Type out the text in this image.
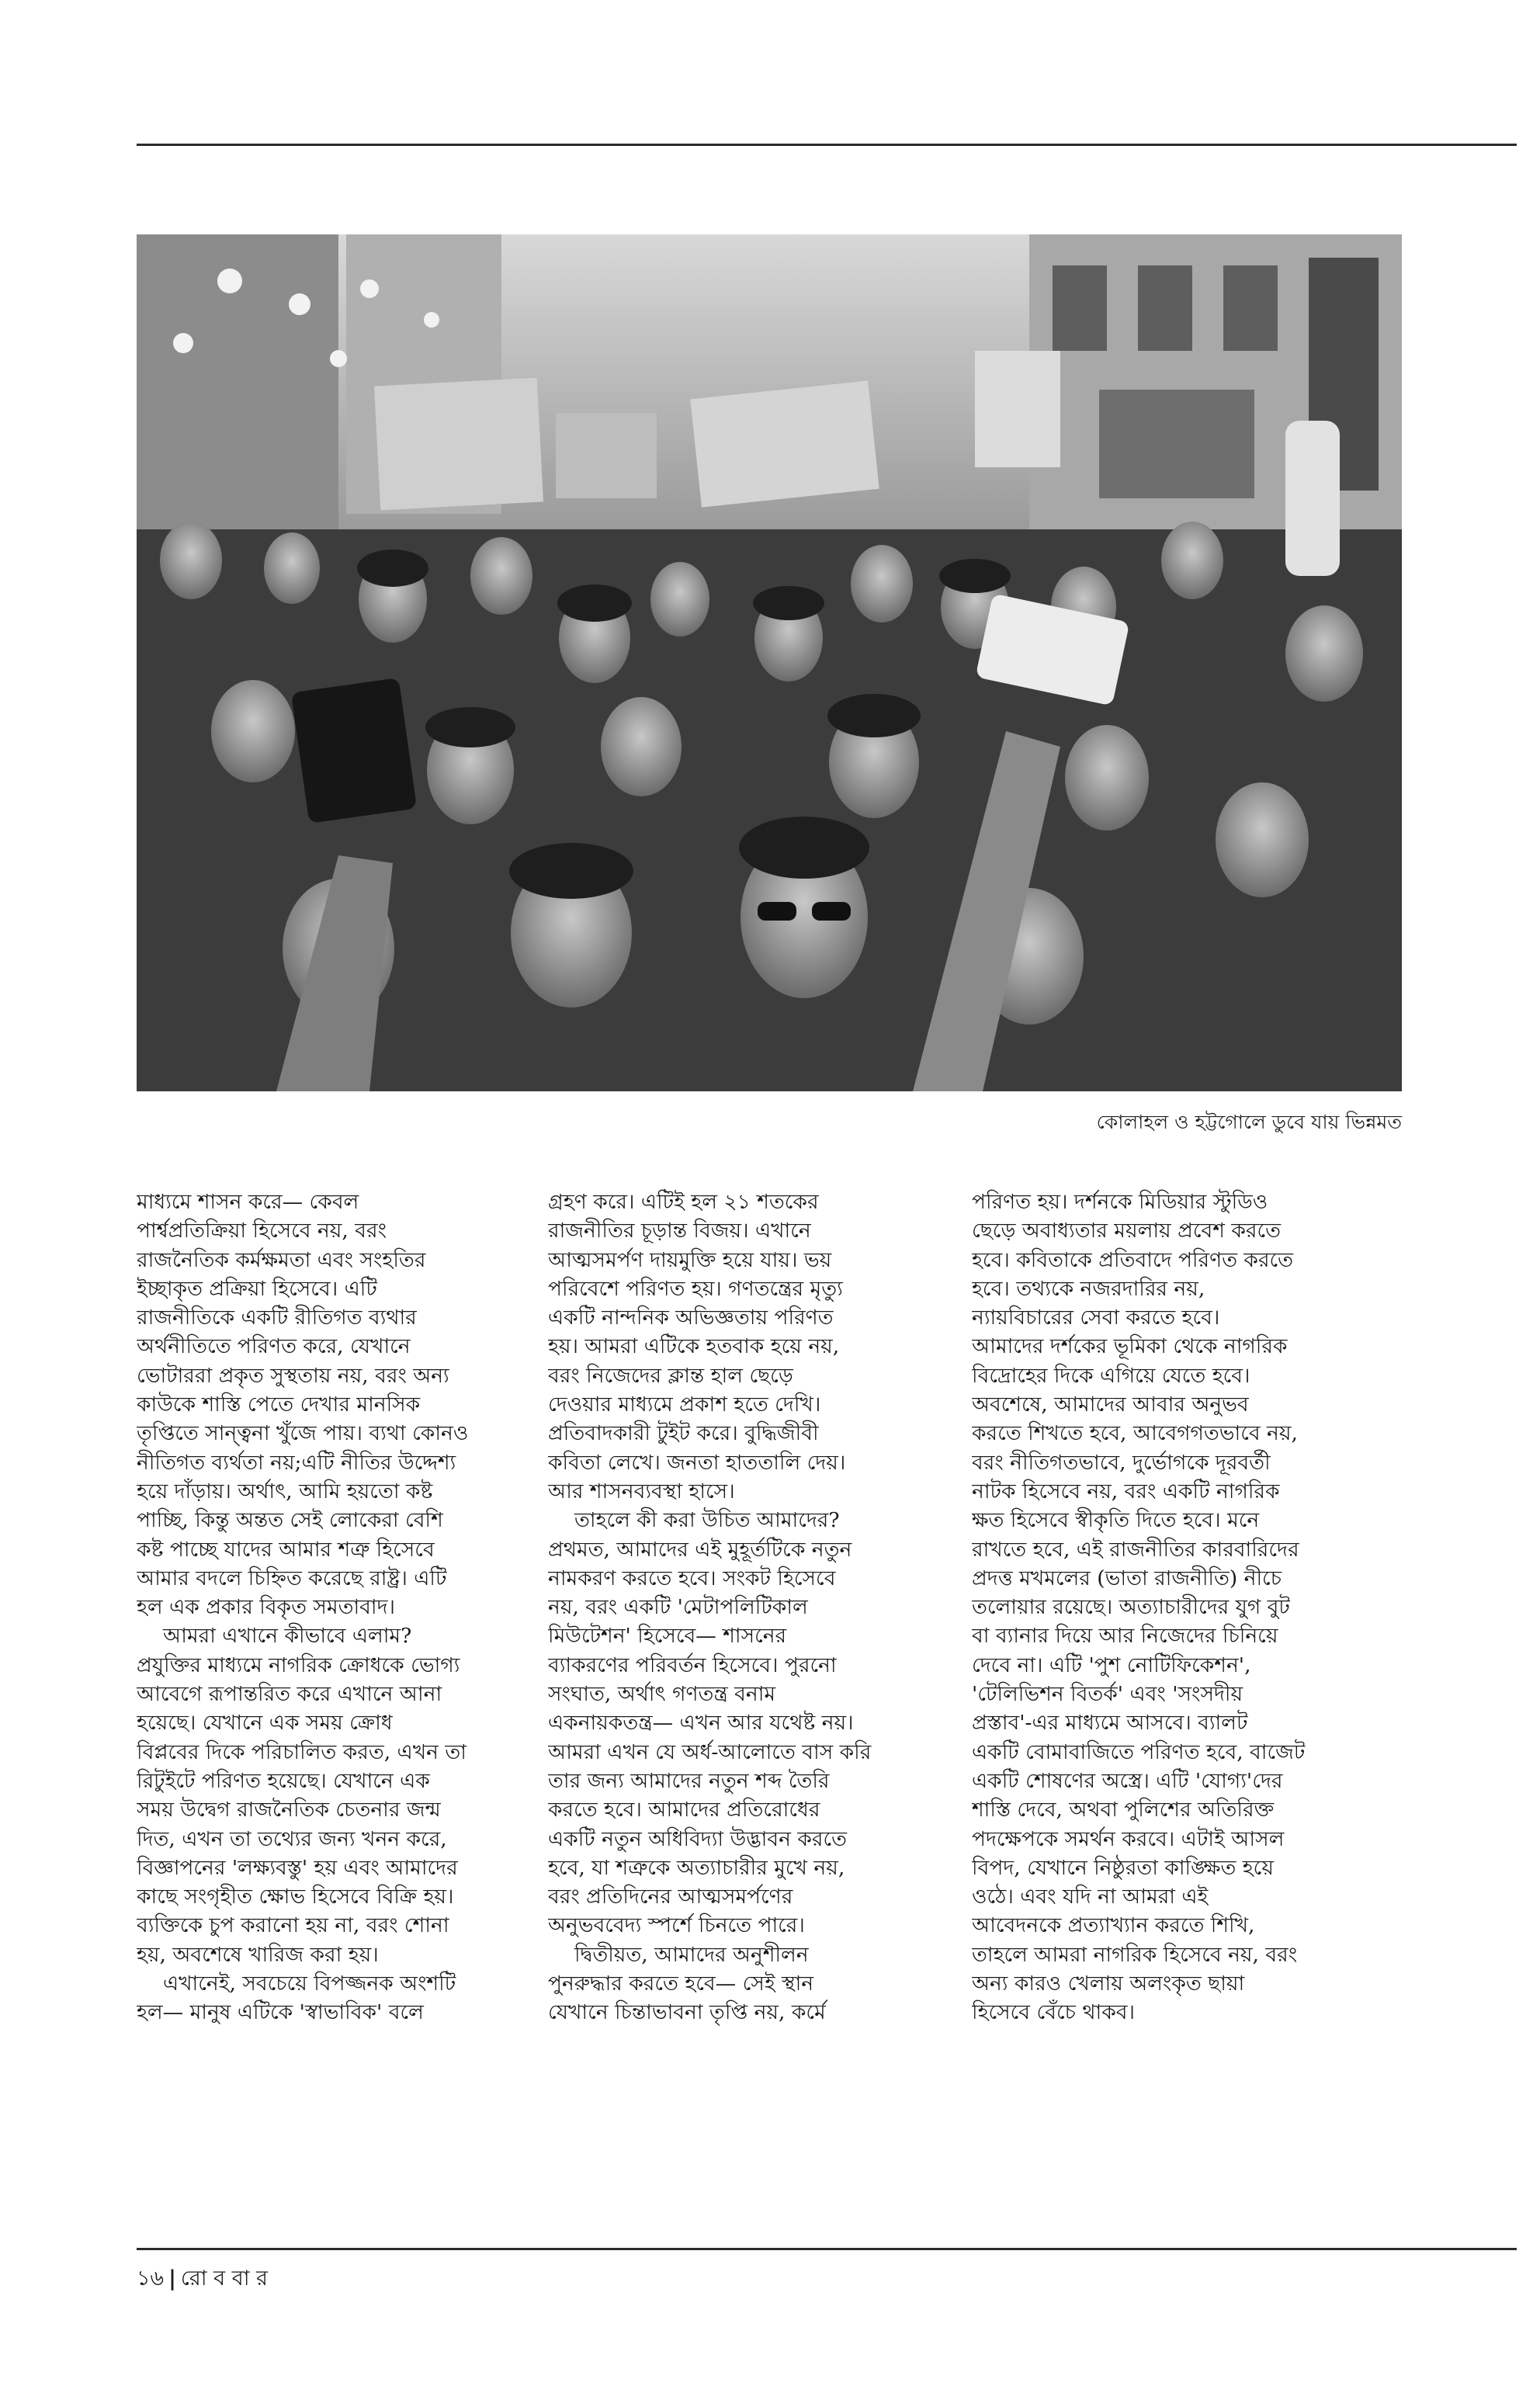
কোলাহল ও হট্টগোলে ডুবে যায় ভিন্নমত

মাধ্যমে শাসন করে— কেবল
পার্শ্বপ্রতিক্রিয়া হিসেবে নয়, বরং
রাজনৈতিক কর্মক্ষমতা এবং সংহতির
ইচ্ছাকৃত প্রক্রিয়া হিসেবে। এটি
রাজনীতিকে একটি রীতিগত ব্যথার
অর্থনীতিতে পরিণত করে, যেখানে
ভোটাররা প্রকৃত সুস্থতায় নয়, বরং অন্য
কাউকে শাস্তি পেতে দেখার মানসিক
তৃপ্তিতে সান্ত্বনা খুঁজে পায়। ব্যথা কোনও
নীতিগত ব্যর্থতা নয়;এটি নীতির উদ্দেশ্য
হয়ে দাঁড়ায়। অর্থাৎ, আমি হয়তো কষ্ট
পাচ্ছি, কিন্তু অন্তত সেই লোকেরা বেশি
কষ্ট পাচ্ছে যাদের আমার শত্রু হিসেবে
আমার বদলে চিহ্নিত করেছে রাষ্ট্র। এটি
হল এক প্রকার বিকৃত সমতাবাদ।

আমরা এখানে কীভাবে এলাম?
প্রযুক্তির মাধ্যমে নাগরিক ক্রোধকে ভোগ্য
আবেগে রূপান্তরিত করে এখানে আনা
হয়েছে। যেখানে এক সময় ক্রোধ
বিপ্লবের দিকে পরিচালিত করত, এখন তা
রিটুইটে পরিণত হয়েছে। যেখানে এক
সময় উদ্বেগ রাজনৈতিক চেতনার জন্ম
দিত, এখন তা তথ্যের জন্য খনন করে,
বিজ্ঞাপনের 'লক্ষ্যবস্তু' হয় এবং আমাদের
কাছে সংগৃহীত ক্ষোভ হিসেবে বিক্রি হয়।
ব্যক্তিকে চুপ করানো হয় না, বরং শোনা
হয়, অবশেষে খারিজ করা হয়।

এখানেই, সবচেয়ে বিপজ্জনক অংশটি
হল— মানুষ এটিকে 'স্বাভাবিক' বলে

গ্রহণ করে। এটিই হল ২১ শতকের
রাজনীতির চূড়ান্ত বিজয়। এখানে
আত্মসমর্পণ দায়মুক্তি হয়ে যায়। ভয়
পরিবেশে পরিণত হয়। গণতন্ত্রের মৃত্যু
একটি নান্দনিক অভিজ্ঞতায় পরিণত
হয়। আমরা এটিকে হতবাক হয়ে নয়,
বরং নিজেদের ক্লান্ত হাল ছেড়ে
দেওয়ার মাধ্যমে প্রকাশ হতে দেখি।
প্রতিবাদকারী টুইট করে। বুদ্ধিজীবী
কবিতা লেখে। জনতা হাততালি দেয়।
আর শাসনব্যবস্থা হাসে।

তাহলে কী করা উচিত আমাদের?
প্রথমত, আমাদের এই মুহূর্তটিকে নতুন
নামকরণ করতে হবে। সংকট হিসেবে
নয়, বরং একটি 'মেটাপলিটিকাল
মিউটেশন' হিসেবে— শাসনের
ব্যাকরণের পরিবর্তন হিসেবে। পুরনো
সংঘাত, অর্থাৎ গণতন্ত্র বনাম
একনায়কতন্ত্র— এখন আর যথেষ্ট নয়।
আমরা এখন যে অর্ধ-আলোতে বাস করি
তার জন্য আমাদের নতুন শব্দ তৈরি
করতে হবে। আমাদের প্রতিরোধের
একটি নতুন অধিবিদ্যা উদ্ভাবন করতে
হবে, যা শত্রুকে অত্যাচারীর মুখে নয়,
বরং প্রতিদিনের আত্মসমর্পণের
অনুভববেদ্য স্পর্শে চিনতে পারে।

দ্বিতীয়ত, আমাদের অনুশীলন
পুনরুদ্ধার করতে হবে— সেই স্থান
যেখানে চিন্তাভাবনা তৃপ্তি নয়, কর্মে

পরিণত হয়। দর্শনকে মিডিয়ার স্টুডিও
ছেড়ে অবাধ্যতার ময়লায় প্রবেশ করতে
হবে। কবিতাকে প্রতিবাদে পরিণত করতে
হবে। তথ্যকে নজরদারির নয়,
ন্যায়বিচারের সেবা করতে হবে।
আমাদের দর্শকের ভূমিকা থেকে নাগরিক
বিদ্রোহের দিকে এগিয়ে যেতে হবে।
অবশেষে, আমাদের আবার অনুভব
করতে শিখতে হবে, আবেগগতভাবে নয়,
বরং নীতিগতভাবে, দুর্ভোগকে দূরবর্তী
নাটক হিসেবে নয়, বরং একটি নাগরিক
ক্ষত হিসেবে স্বীকৃতি দিতে হবে। মনে
রাখতে হবে, এই রাজনীতির কারবারিদের
প্রদত্ত মখমলের (ভাতা রাজনীতি) নীচে
তলোয়ার রয়েছে। অত্যাচারীদের যুগ বুট
বা ব্যানার দিয়ে আর নিজেদের চিনিয়ে
দেবে না। এটি 'পুশ নোটিফিকেশন',
'টেলিভিশন বিতর্ক' এবং 'সংসদীয়
প্রস্তাব'-এর মাধ্যমে আসবে। ব্যালট
একটি বোমাবাজিতে পরিণত হবে, বাজেট
একটি শোষণের অস্ত্রে। এটি 'যোগ্য'দের
শাস্তি দেবে, অথবা পুলিশের অতিরিক্ত
পদক্ষেপকে সমর্থন করবে। এটাই আসল
বিপদ, যেখানে নিষ্ঠুরতা কাঙ্ক্ষিত হয়ে
ওঠে। এবং যদি না আমরা এই
আবেদনকে প্রত্যাখ্যান করতে শিখি,
তাহলে আমরা নাগরিক হিসেবে নয়, বরং
অন্য কারও খেলায় অলংকৃত ছায়া
হিসেবে বেঁচে থাকব।

১৬ | রো ব বা র
